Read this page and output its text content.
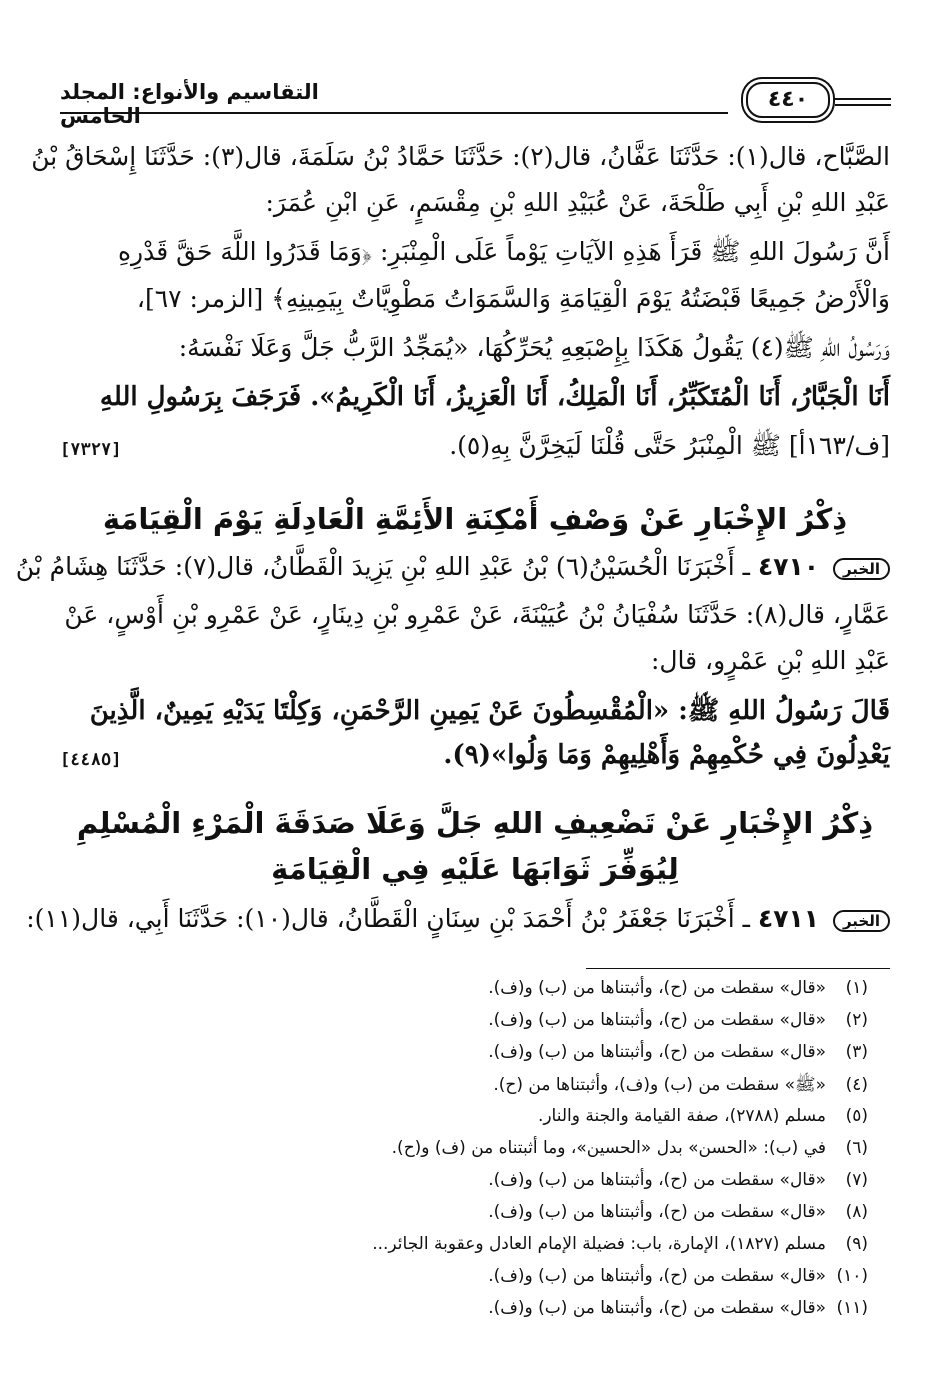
التقاسيم والأنواع: المجلد الخامس
٤٤٠
الصَّبَّاح، قال(١): حَدَّثَنَا عَفَّانُ، قال(٢): حَدَّثَنَا حَمَّادُ بْنُ سَلَمَةَ، قال(٣): حَدَّثَنَا إِسْحَاقُ بْنُ
عَبْدِ اللهِ بْنِ أَبِي طَلْحَةَ، عَنْ عُبَيْدِ اللهِ بْنِ مِقْسَمٍ، عَنِ ابْنِ عُمَرَ:
أَنَّ رَسُولَ اللهِ ﷺ قَرَأَ هَذِهِ الآيَاتِ يَوْماً عَلَى الْمِنْبَرِ: ﴿وَمَا قَدَرُوا اللَّهَ حَقَّ قَدْرِهِ
وَالْأَرْضُ جَمِيعًا قَبْضَتُهُ يَوْمَ الْقِيَامَةِ وَالسَّمَوَاتُ مَطْوِيَّاتٌ بِيَمِينِهِ﴾ [الزمر: ٦٧]،
وَرَسُولُ اللهِ ﷺ(٤) يَقُولُ هَكَذَا بِإِصْبَعِهِ يُحَرِّكُهَا، «يُمَجِّدُ الرَّبُّ جَلَّ وَعَلَا نَفْسَهُ:
أَنَا الْجَبَّارُ، أَنَا الْمُتَكَبِّرُ، أَنَا الْمَلِكُ، أَنَا الْعَزِيزُ، أَنَا الْكَرِيمُ». فَرَجَفَ بِرَسُولِ اللهِ
[ف/١٦٣أ] ﷺ الْمِنْبَرُ حَتَّى قُلْنَا لَيَخِرَّنَّ بِهِ(٥).
[٧٣٢٧]
ذِكْرُ الإِخْبَارِ عَنْ وَصْفِ أَمْكِنَةِ الأَئِمَّةِ الْعَادِلَةِ يَوْمَ الْقِيَامَةِ
الخبر ٤٧١٠ ـ أَخْبَرَنَا الْحُسَيْنُ(٦) بْنُ عَبْدِ اللهِ بْنِ يَزِيدَ الْقَطَّانُ، قال(٧): حَدَّثَنَا هِشَامُ بْنُ
عَمَّارٍ، قال(٨): حَدَّثَنَا سُفْيَانُ بْنُ عُيَيْنَةَ، عَنْ عَمْرِو بْنِ دِينَارٍ، عَنْ عَمْرِو بْنِ أَوْسٍ، عَنْ
عَبْدِ اللهِ بْنِ عَمْرٍو، قال:
قَالَ رَسُولُ اللهِ ﷺ: «الْمُقْسِطُونَ عَنْ يَمِينِ الرَّحْمَنِ، وَكِلْتَا يَدَيْهِ يَمِينٌ، الَّذِينَ
يَعْدِلُونَ فِي حُكْمِهِمْ وَأَهْلِيهِمْ وَمَا وَلُوا»(٩).
[٤٤٨٥]
ذِكْرُ الإِخْبَارِ عَنْ تَضْعِيفِ اللهِ جَلَّ وَعَلَا صَدَقَةَ الْمَرْءِ الْمُسْلِمِ
لِيُوَفِّرَ ثَوَابَهَا عَلَيْهِ فِي الْقِيَامَةِ
الخبر ٤٧١١ ـ أَخْبَرَنَا جَعْفَرُ بْنُ أَحْمَدَ بْنِ سِنَانٍ الْقَطَّانُ، قال(١٠): حَدَّثَنَا أَبِي، قال(١١):
(١)«قال» سقطت من (ح)، وأثبتناها من (ب) و(ف).
(٢)«قال» سقطت من (ح)، وأثبتناها من (ب) و(ف).
(٣)«قال» سقطت من (ح)، وأثبتناها من (ب) و(ف).
(٤)«ﷺ» سقطت من (ب) و(ف)، وأثبتناها من (ح).
(٥)مسلم (٢٧٨٨)، صفة القيامة والجنة والنار.
(٦)في (ب): «الحسن» بدل «الحسين»، وما أثبتناه من (ف) و(ح).
(٧)«قال» سقطت من (ح)، وأثبتناها من (ب) و(ف).
(٨)«قال» سقطت من (ح)، وأثبتناها من (ب) و(ف).
(٩)مسلم (١٨٢٧)، الإمارة، باب: فضيلة الإمام العادل وعقوبة الجائر...
(١٠)«قال» سقطت من (ح)، وأثبتناها من (ب) و(ف).
(١١)«قال» سقطت من (ح)، وأثبتناها من (ب) و(ف).
